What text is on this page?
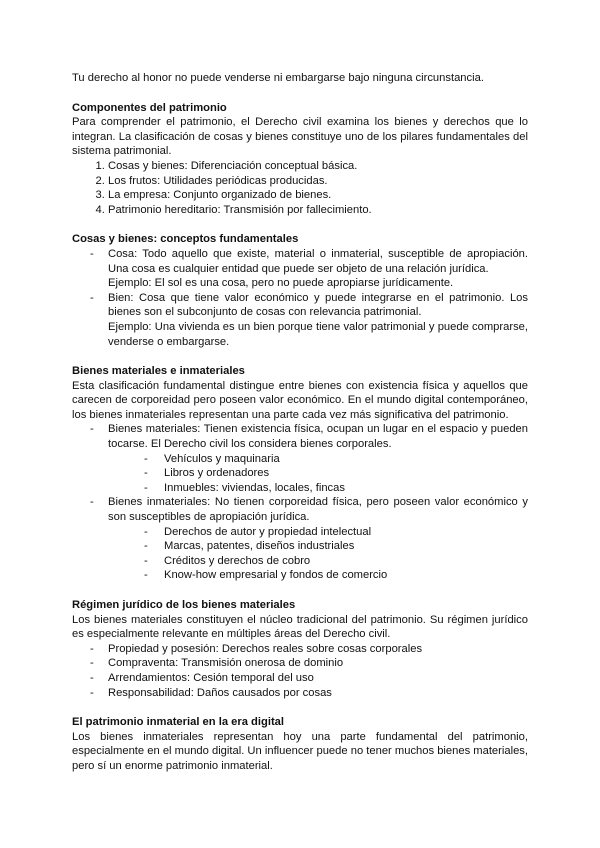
Tu derecho al honor no puede venderse ni embargarse bajo ninguna circunstancia.

Componentes del patrimonio

Para comprender el patrimonio, el Derecho civil examina los bienes y derechos que lo integran. La clasificación de cosas y bienes constituye uno de los pilares fundamentales del sistema patrimonial.

1. Cosas y bienes: Diferenciación conceptual básica.
2. Los frutos: Utilidades periódicas producidas.
3. La empresa: Conjunto organizado de bienes.
4. Patrimonio hereditario: Transmisión por fallecimiento.
Cosas y bienes: conceptos fundamentales
- Cosa: Todo aquello que existe, material o inmaterial, susceptible de apropiación. Una cosa es cualquier entidad que puede ser objeto de una relación jurídica.
Ejemplo: El sol es una cosa, pero no puede apropiarse jurídicamente.
- Bien: Cosa que tiene valor económico y puede integrarse en el patrimonio. Los bienes son el subconjunto de cosas con relevancia patrimonial.
Ejemplo: Una vivienda es un bien porque tiene valor patrimonial y puede comprarse, venderse o embargarse.
Bienes materiales e inmateriales

Esta clasificación fundamental distingue entre bienes con existencia física y aquellos que carecen de corporeidad pero poseen valor económico. En el mundo digital contemporáneo, los bienes inmateriales representan una parte cada vez más significativa del patrimonio.

- Bienes materiales: Tienen existencia física, ocupan un lugar en el espacio y pueden tocarse. El Derecho civil los considera bienes corporales.
- Vehículos y maquinaria
- Libros y ordenadores
- Inmuebles: viviendas, locales, fincas
- Bienes inmateriales: No tienen corporeidad física, pero poseen valor económico y son susceptibles de apropiación jurídica.
- Derechos de autor y propiedad intelectual
- Marcas, patentes, diseños industriales
- Créditos y derechos de cobro
- Know-how empresarial y fondos de comercio
Régimen jurídico de los bienes materiales

Los bienes materiales constituyen el núcleo tradicional del patrimonio. Su régimen jurídico es especialmente relevante en múltiples áreas del Derecho civil.

- Propiedad y posesión: Derechos reales sobre cosas corporales
- Compraventa: Transmisión onerosa de dominio
- Arrendamientos: Cesión temporal del uso
- Responsabilidad: Daños causados por cosas
El patrimonio inmaterial en la era digital

Los bienes inmateriales representan hoy una parte fundamental del patrimonio, especialmente en el mundo digital. Un influencer puede no tener muchos bienes materiales, pero sí un enorme patrimonio inmaterial.
